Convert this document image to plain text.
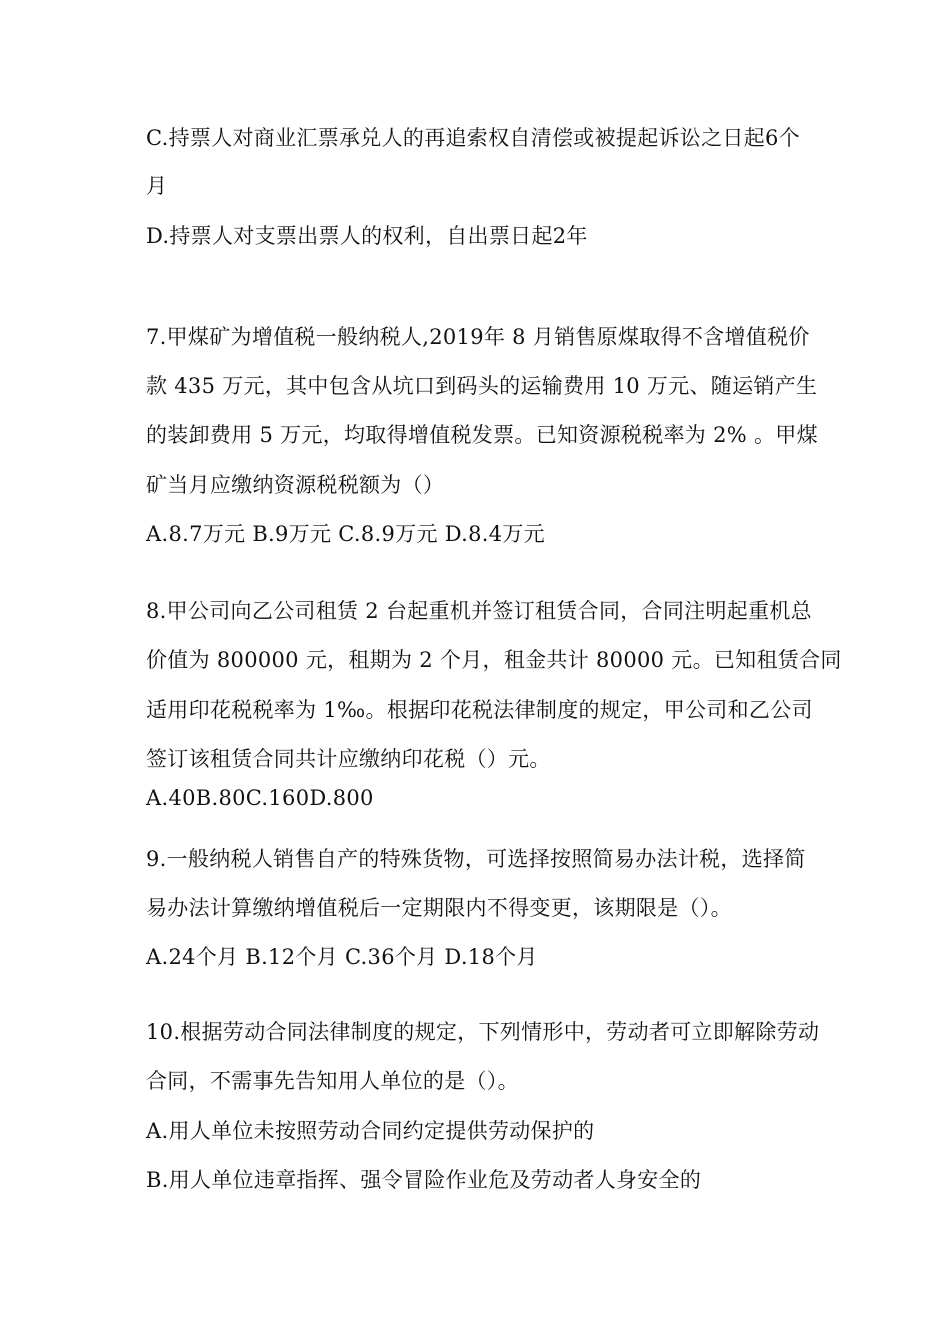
C.持票人对商业汇票承兑人的再追索权自清偿或被提起诉讼之日起6个
月
D.持票人对支票出票人的权利，自出票日起2年
7.甲煤矿为增值税一般纳税人,2019年 8 月销售原煤取得不含增值税价
款 435 万元，其中包含从坑口到码头的运输费用 10 万元、随运销产生
的装卸费用 5 万元，均取得增值税发票。已知资源税税率为 2% 。甲煤
矿当月应缴纳资源税税额为（）
A.8.7万元 B.9万元 C.8.9万元 D.8.4万元
8.甲公司向乙公司租赁 2 台起重机并签订租赁合同，合同注明起重机总
价值为 800000 元，租期为 2 个月，租金共计 80000 元。已知租赁合同
适用印花税税率为 1‰。根据印花税法律制度的规定，甲公司和乙公司
签订该租赁合同共计应缴纳印花税（）元。
A.40B.80C.160D.800
9.一般纳税人销售自产的特殊货物，可选择按照简易办法计税，选择简
易办法计算缴纳增值税后一定期限内不得变更，该期限是（）。
A.24个月 B.12个月 C.36个月 D.18个月
10.根据劳动合同法律制度的规定，下列情形中，劳动者可立即解除劳动
合同，不需事先告知用人单位的是（）。
A.用人单位未按照劳动合同约定提供劳动保护的
B.用人单位违章指挥、强令冒险作业危及劳动者人身安全的
